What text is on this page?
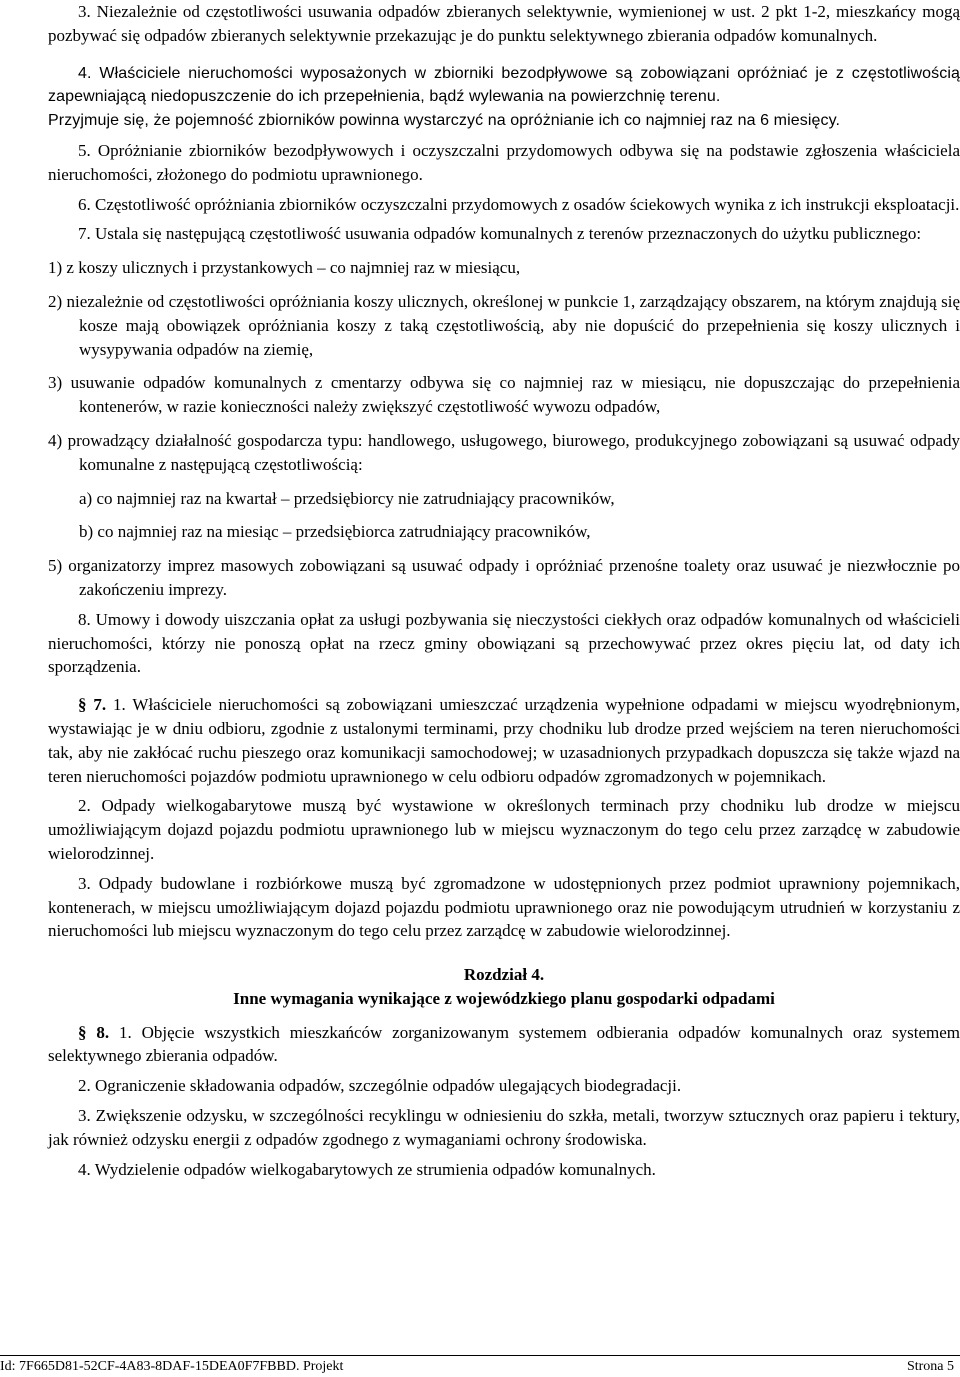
3. Niezależnie od częstotliwości usuwania odpadów zbieranych selektywnie, wymienionej w ust. 2 pkt 1-2, mieszkańcy mogą pozbywać się odpadów zbieranych selektywnie przekazując je do punktu selektywnego zbierania odpadów komunalnych.

4. Właściciele nieruchomości wyposażonych w zbiorniki bezodpływowe są zobowiązani opróżniać je z częstotliwością zapewniającą niedopuszczenie do ich przepełnienia, bądź wylewania na powierzchnię terenu.

Przyjmuje się, że pojemność zbiorników powinna wystarczyć na opróżnianie ich co najmniej raz na 6 miesięcy.

5. Opróżnianie zbiorników bezodpływowych i oczyszczalni przydomowych odbywa się na podstawie zgłoszenia właściciela nieruchomości, złożonego do podmiotu uprawnionego.

6. Częstotliwość opróżniania zbiorników oczyszczalni przydomowych z osadów ściekowych wynika z ich instrukcji eksploatacji.

7. Ustala się następującą częstotliwość usuwania odpadów komunalnych z terenów przeznaczonych do użytku publicznego:

1) z koszy ulicznych i przystankowych – co najmniej raz w miesiącu,

2) niezależnie od częstotliwości opróżniania koszy ulicznych, określonej w punkcie 1, zarządzający obszarem, na którym znajdują się kosze mają obowiązek opróżniania koszy z taką częstotliwością, aby nie dopuścić do przepełnienia się koszy ulicznych i wysypywania odpadów na ziemię,

3) usuwanie odpadów komunalnych z cmentarzy odbywa się co najmniej raz w miesiącu, nie dopuszczając do przepełnienia kontenerów, w razie konieczności należy zwiększyć częstotliwość wywozu odpadów,

4) prowadzący działalność gospodarcza typu: handlowego, usługowego, biurowego, produkcyjnego zobowiązani są usuwać odpady komunalne z następującą częstotliwością:

a) co najmniej raz na kwartał – przedsiębiorcy nie zatrudniający pracowników,

b) co najmniej raz na miesiąc – przedsiębiorca zatrudniający pracowników,

5) organizatorzy imprez masowych zobowiązani są usuwać odpady i opróżniać przenośne toalety oraz usuwać je niezwłocznie po zakończeniu imprezy.

8. Umowy i dowody uiszczania opłat za usługi pozbywania się nieczystości ciekłych oraz odpadów komunalnych od właścicieli nieruchomości, którzy nie ponoszą opłat na rzecz gminy obowiązani są przechowywać przez okres pięciu lat, od daty ich sporządzenia.

§ 7. 1. Właściciele nieruchomości są zobowiązani umieszczać urządzenia wypełnione odpadami w miejscu wyodrębnionym, wystawiając je w dniu odbioru, zgodnie z ustalonymi terminami, przy chodniku lub drodze przed wejściem na teren nieruchomości tak, aby nie zakłócać ruchu pieszego oraz komunikacji samochodowej; w uzasadnionych przypadkach dopuszcza się także wjazd na teren nieruchomości pojazdów podmiotu uprawnionego w celu odbioru odpadów zgromadzonych w pojemnikach.

2. Odpady wielkogabarytowe muszą być wystawione w określonych terminach przy chodniku lub drodze w miejscu umożliwiającym dojazd pojazdu podmiotu uprawnionego lub w miejscu wyznaczonym do tego celu przez zarządcę w zabudowie wielorodzinnej.

3. Odpady budowlane i rozbiórkowe muszą być zgromadzone w udostępnionych przez podmiot uprawniony pojemnikach, kontenerach, w miejscu umożliwiającym dojazd pojazdu podmiotu uprawnionego oraz nie powodującym utrudnień w korzystaniu z nieruchomości lub miejscu wyznaczonym do tego celu przez zarządcę w zabudowie wielorodzinnej.

Rozdział 4.

Inne wymagania wynikające z wojewódzkiego planu gospodarki odpadami

§ 8. 1. Objęcie wszystkich mieszkańców zorganizowanym systemem odbierania odpadów komunalnych oraz systemem selektywnego zbierania odpadów.

2. Ograniczenie składowania odpadów, szczególnie odpadów ulegających biodegradacji.

3. Zwiększenie odzysku, w szczególności recyklingu w odniesieniu do szkła, metali, tworzyw sztucznych oraz papieru i tektury, jak również odzysku energii z odpadów zgodnego z wymaganiami ochrony środowiska.

4. Wydzielenie odpadów wielkogabarytowych ze strumienia odpadów komunalnych.

Id: 7F665D81-52CF-4A83-8DAF-15DEA0F7FBBD. Projekt	Strona 5
